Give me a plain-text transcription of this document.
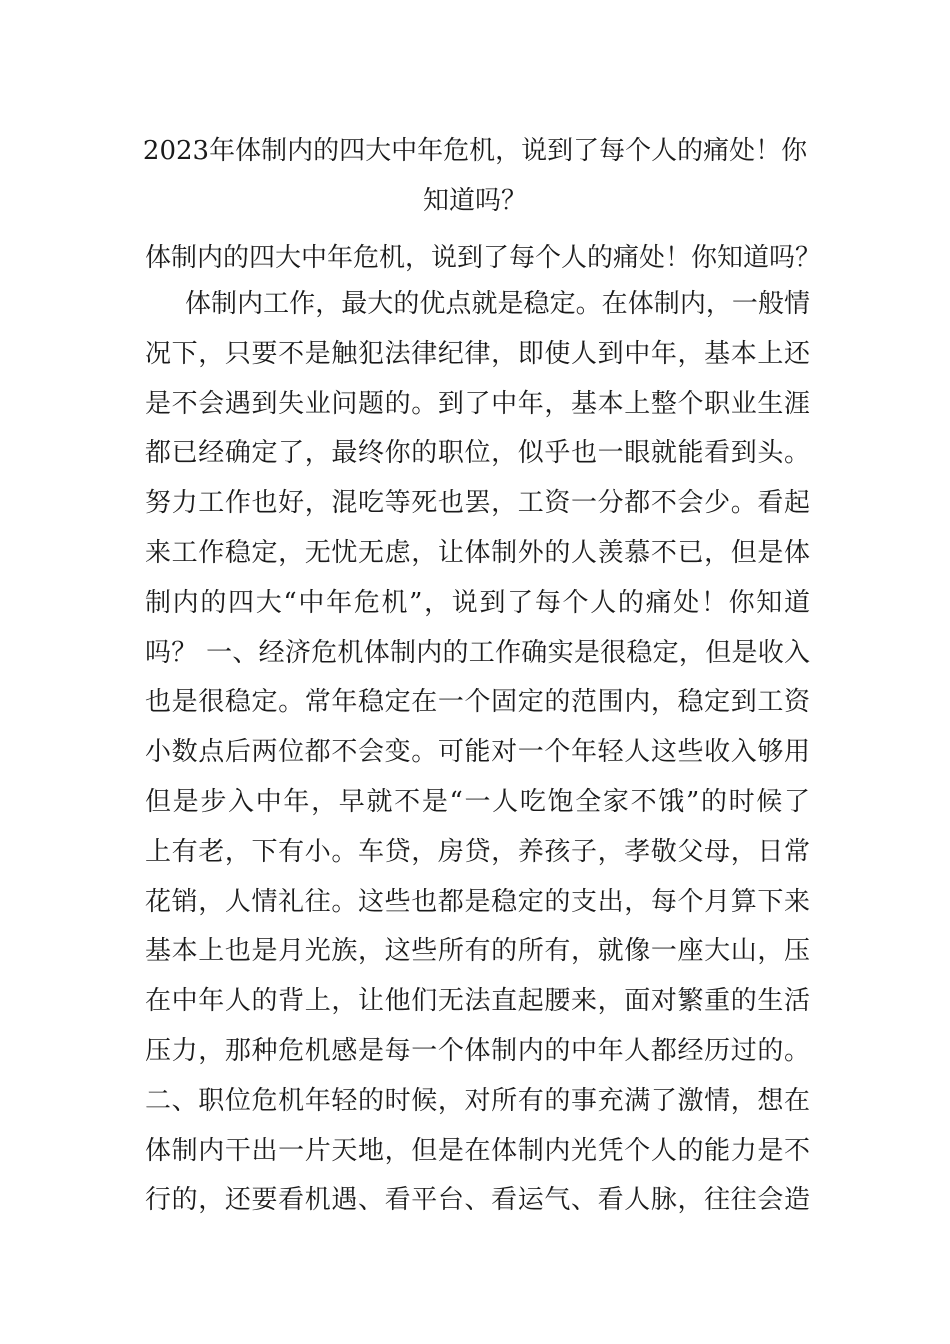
2023年体制内的四大中年危机，说到了每个人的痛处！你知道吗？

体制内的四大中年危机，说到了每个人的痛处！你知道吗？

体制内工作，最大的优点就是稳定。在体制内，一般情
况下，只要不是触犯法律纪律，即使人到中年，基本上还
是不会遇到失业问题的。到了中年，基本上整个职业生涯
都已经确定了，最终你的职位，似乎也一眼就能看到头。
努力工作也好，混吃等死也罢，工资一分都不会少。看起
来工作稳定，无忧无虑，让体制外的人羡慕不已，但是体
制内的四大“中年危机”，说到了每个人的痛处！你知道
吗？ 一、经济危机体制内的工作确实是很稳定，但是收入
也是很稳定。常年稳定在一个固定的范围内，稳定到工资
小数点后两位都不会变。可能对一个年轻人这些收入够用
但是步入中年，早就不是“一人吃饱全家不饿”的时候了
上有老，下有小。车贷，房贷，养孩子，孝敬父母，日常
花销，人情礼往。这些也都是稳定的支出，每个月算下来
基本上也是月光族，这些所有的所有，就像一座大山，压
在中年人的背上，让他们无法直起腰来，面对繁重的生活
压力，那种危机感是每一个体制内的中年人都经历过的。
二、职位危机年轻的时候，对所有的事充满了激情，想在
体制内干出一片天地，但是在体制内光凭个人的能力是不
行的，还要看机遇、看平台、看运气、看人脉，往往会造
